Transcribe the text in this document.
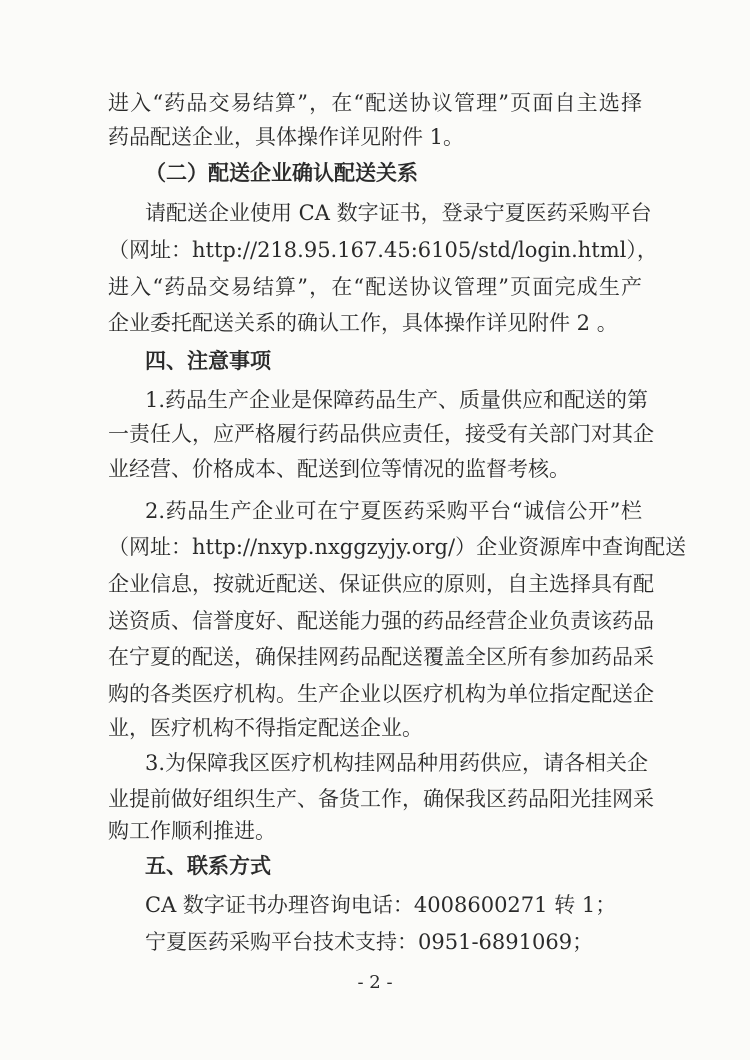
进入“药品交易结算”，在“配送协议管理”页面自主选择
药品配送企业，具体操作详见附件 1。
（二）配送企业确认配送关系
请配送企业使用 CA 数字证书，登录宁夏医药采购平台
（网址：http://218.95.167.45:6105/std/login.html），
进入“药品交易结算”，在“配送协议管理”页面完成生产
企业委托配送关系的确认工作，具体操作详见附件 2 。
四、注意事项
1.药品生产企业是保障药品生产、质量供应和配送的第
一责任人，应严格履行药品供应责任，接受有关部门对其企
业经营、价格成本、配送到位等情况的监督考核。
2.药品生产企业可在宁夏医药采购平台“诚信公开”栏
（网址：http://nxyp.nxggzyjy.org/）企业资源库中查询配送
企业信息，按就近配送、保证供应的原则，自主选择具有配
送资质、信誉度好、配送能力强的药品经营企业负责该药品
在宁夏的配送，确保挂网药品配送覆盖全区所有参加药品采
购的各类医疗机构。生产企业以医疗机构为单位指定配送企
业，医疗机构不得指定配送企业。
3.为保障我区医疗机构挂网品种用药供应，请各相关企
业提前做好组织生产、备货工作，确保我区药品阳光挂网采
购工作顺利推进。
五、联系方式
CA 数字证书办理咨询电话：4008600271 转 1；
宁夏医药采购平台技术支持：0951-6891069；
- 2 -
